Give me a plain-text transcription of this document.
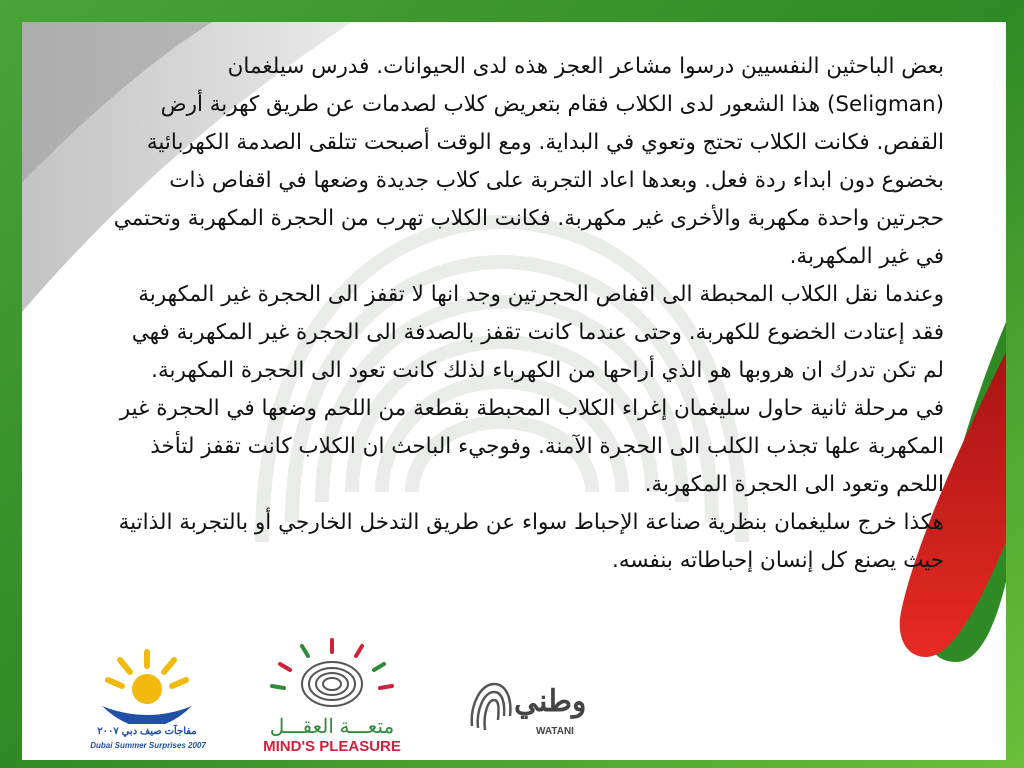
بعض الباحثين النفسيين درسوا مشاعر العجز هذه لدى الحيوانات. فدرس سيلغمان (Seligman) هذا الشعور لدى الكلاب فقام بتعريض كلاب لصدمات عن طريق كهربة أرض القفص. فكانت الكلاب تحتج وتعوي في البداية. ومع الوقت أصبحت تتلقى الصدمة الكهربائية بخضوع دون ابداء ردة فعل. وبعدها اعاد التجربة على كلاب جديدة وضعها في اقفاص ذات حجرتين واحدة مكهربة والأخرى غير مكهربة. فكانت الكلاب تهرب من الحجرة المكهربة وتحتمي في غير المكهربة.

وعندما نقل الكلاب المحبطة الى اقفاص الحجرتين وجد انها لا تقفز الى الحجرة غير المكهربة فقد إعتادت الخضوع للكهربة. وحتى عندما كانت تقفز بالصدفة الى الحجرة غير المكهربة فهي لم تكن تدرك ان هروبها هو الذي أراحها من الكهرباء لذلك كانت تعود الى الحجرة المكهربة.

في مرحلة ثانية حاول سليغمان إغراء الكلاب المحبطة بقطعة من اللحم وضعها في الحجرة غير المكهربة علها تجذب الكلب الى الحجرة الآمنة. وفوجيء الباحث ان الكلاب كانت تقفز لتأخذ اللحم وتعود الى الحجرة المكهربة.

هكذا خرج سليغمان بنظرية صناعة الإحباط سواء عن طريق التدخل الخارجي أو بالتجربة الذاتية حيث يصنع كل إنسان إحباطاته بنفسه.

مفاجآت صيف دبي ٢٠٠٧
Dubai Summer Surprises 2007
متعـــة العقـــل
MIND'S PLEASURE
وطني
WATANI
